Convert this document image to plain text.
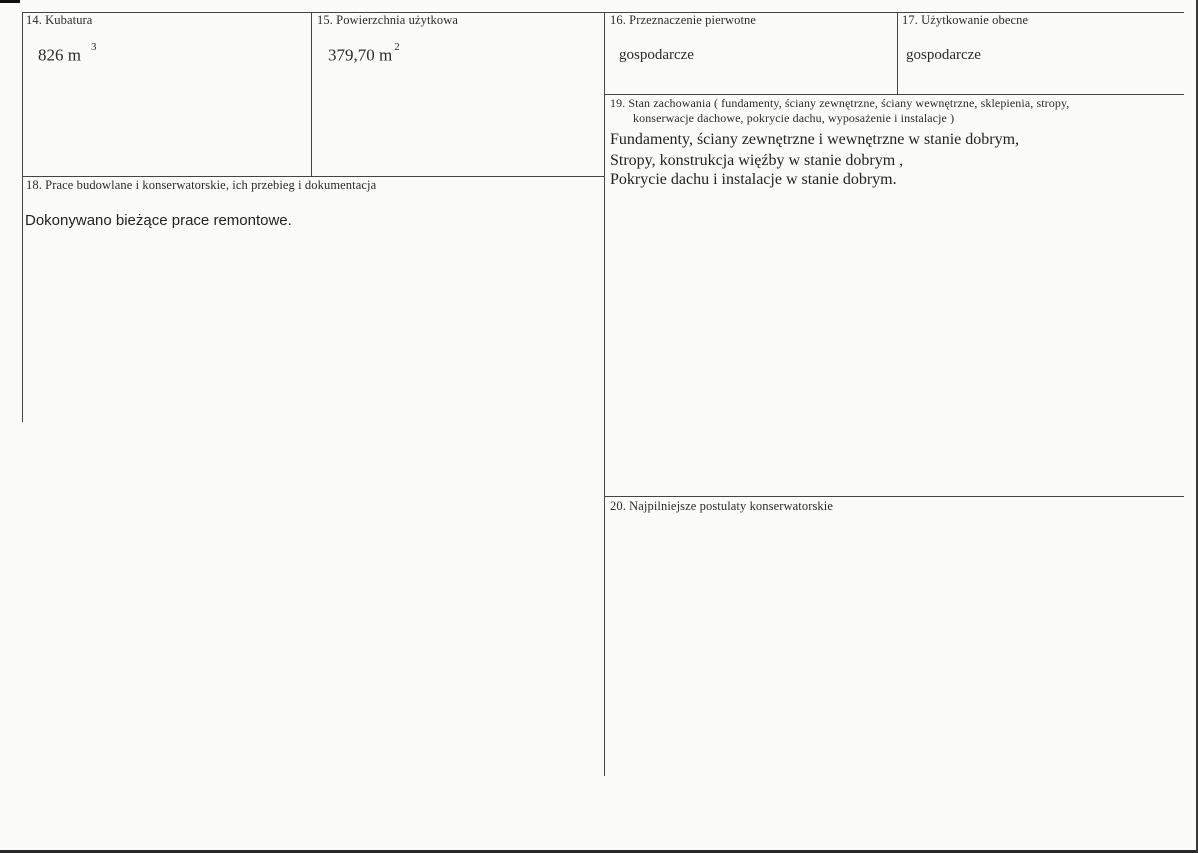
14. Kubatura
826 m $^3$
15. Powierzchnia użytkowa
379,70 m $^2$
16. Przeznaczenie pierwotne
gospodarcze
17. Użytkowanie obecne
gospodarcze
19. Stan zachowania ( fundamenty, ściany zewnętrzne, ściany wewnętrzne, sklepienia, stropy,
konserwacje dachowe, pokrycie dachu, wyposażenie i instalacje )
Fundamenty, ściany zewnętrzne i wewnętrzne w stanie dobrym,
Stropy, konstrukcja więźby w stanie dobrym ,
Pokrycie dachu i instalacje w stanie dobrym.
18. Prace budowlane i konserwatorskie, ich przebieg i dokumentacja
Dokonywano bieżące prace remontowe.
20. Najpilniejsze postulaty konserwatorskie
